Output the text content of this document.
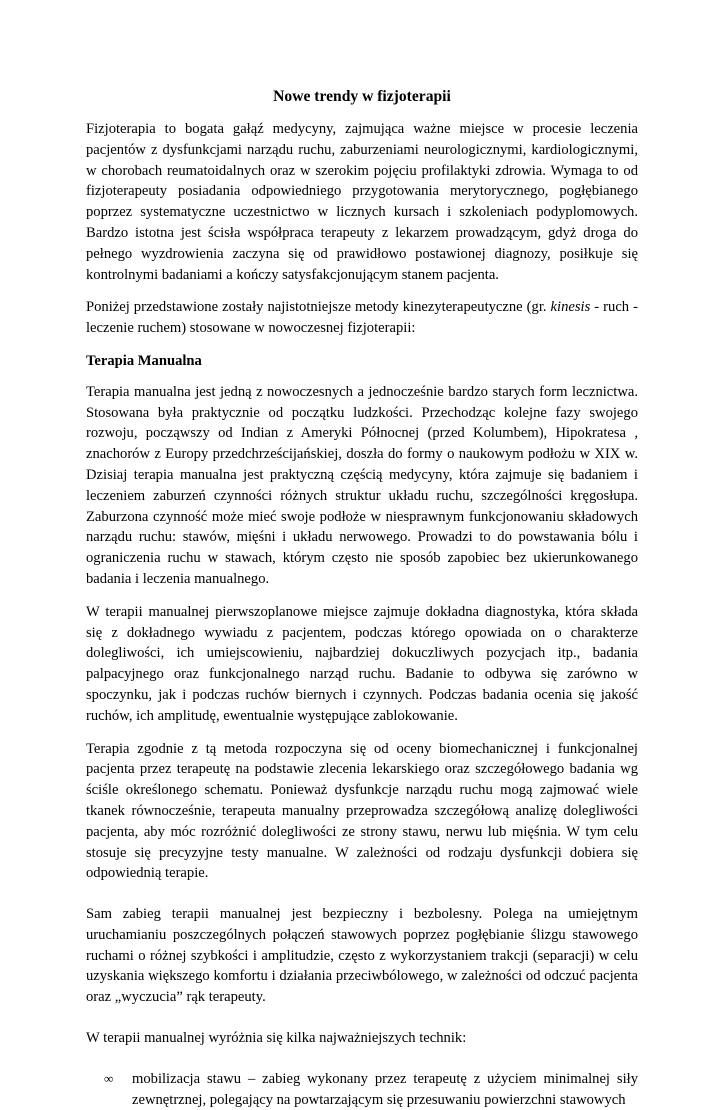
Nowe trendy w fizjoterapii

Fizjoterapia to bogata gałąź medycyny, zajmująca ważne miejsce w procesie leczenia pacjentów z dysfunkcjami narządu ruchu, zaburzeniami neurologicznymi, kardiologicznymi, w chorobach reumatoidalnych oraz w szerokim pojęciu profilaktyki zdrowia. Wymaga to od fizjoterapeuty posiadania odpowiedniego przygotowania merytorycznego, pogłębianego poprzez systematyczne uczestnictwo w licznych kursach i szkoleniach podyplomowych. Bardzo istotna jest ścisła współpraca terapeuty z lekarzem prowadzącym, gdyż droga do pełnego wyzdrowienia zaczyna się od prawidłowo postawionej diagnozy, posiłkuje się kontrolnymi badaniami a kończy satysfakcjonującym stanem pacjenta.

Poniżej przedstawione zostały najistotniejsze metody kinezyterapeutyczne (gr. kinesis - ruch - leczenie ruchem) stosowane w nowoczesnej fizjoterapii:

Terapia Manualna

Terapia manualna jest jedną z nowoczesnych a jednocześnie bardzo starych form lecznictwa. Stosowana była praktycznie od początku ludzkości. Przechodząc kolejne fazy swojego rozwoju, począwszy od Indian z Ameryki Północnej (przed Kolumbem), Hipokratesa , znachorów z Europy przedchrześcijańskiej, doszła do formy o naukowym podłożu w XIX w. Dzisiaj terapia manualna jest praktyczną częścią medycyny, która zajmuje się badaniem i leczeniem zaburzeń czynności różnych struktur układu ruchu, szczególności kręgosłupa. Zaburzona czynność może mieć swoje podłoże w niesprawnym funkcjonowaniu składowych narządu ruchu: stawów, mięśni i układu nerwowego. Prowadzi to do powstawania bólu i ograniczenia ruchu w stawach, którym często nie sposób zapobiec bez ukierunkowanego badania i leczenia manualnego.

W terapii manualnej pierwszoplanowe miejsce zajmuje dokładna diagnostyka, która składa się z dokładnego wywiadu z pacjentem, podczas którego opowiada on o charakterze dolegliwości, ich umiejscowieniu, najbardziej dokuczliwych pozycjach itp., badania palpacyjnego oraz funkcjonalnego narząd ruchu. Badanie to odbywa się zarówno w spoczynku, jak i podczas ruchów biernych i czynnych. Podczas badania ocenia się jakość ruchów, ich amplitudę, ewentualnie występujące zablokowanie.

Terapia zgodnie z tą metoda rozpoczyna się od oceny biomechanicznej i funkcjonalnej pacjenta przez terapeutę na podstawie zlecenia lekarskiego oraz szczegółowego badania wg ściśle określonego schematu. Ponieważ dysfunkcje narządu ruchu mogą zajmować wiele tkanek równocześnie, terapeuta manualny przeprowadza szczegółową analizę dolegliwości pacjenta, aby móc rozróżnić dolegliwości ze strony stawu, nerwu lub mięśnia. W tym celu stosuje się precyzyjne testy manualne. W zależności od rodzaju dysfunkcji dobiera się odpowiednią terapie.

Sam zabieg terapii manualnej jest bezpieczny i bezbolesny. Polega na umiejętnym uruchamianiu poszczególnych połączeń stawowych poprzez pogłębianie ślizgu stawowego ruchami o różnej szybkości i amplitudzie, często z wykorzystaniem trakcji (separacji) w celu uzyskania większego komfortu i działania przeciwbólowego, w zależności od odczuć pacjenta oraz „wyczucia” rąk terapeuty.

W terapii manualnej wyróżnia się kilka najważniejszych technik:

∞	mobilizacja stawu – zabieg wykonany przez terapeutę z użyciem minimalnej siły zewnętrznej, polegający na powtarzającym się przesuwaniu powierzchni stawowych
